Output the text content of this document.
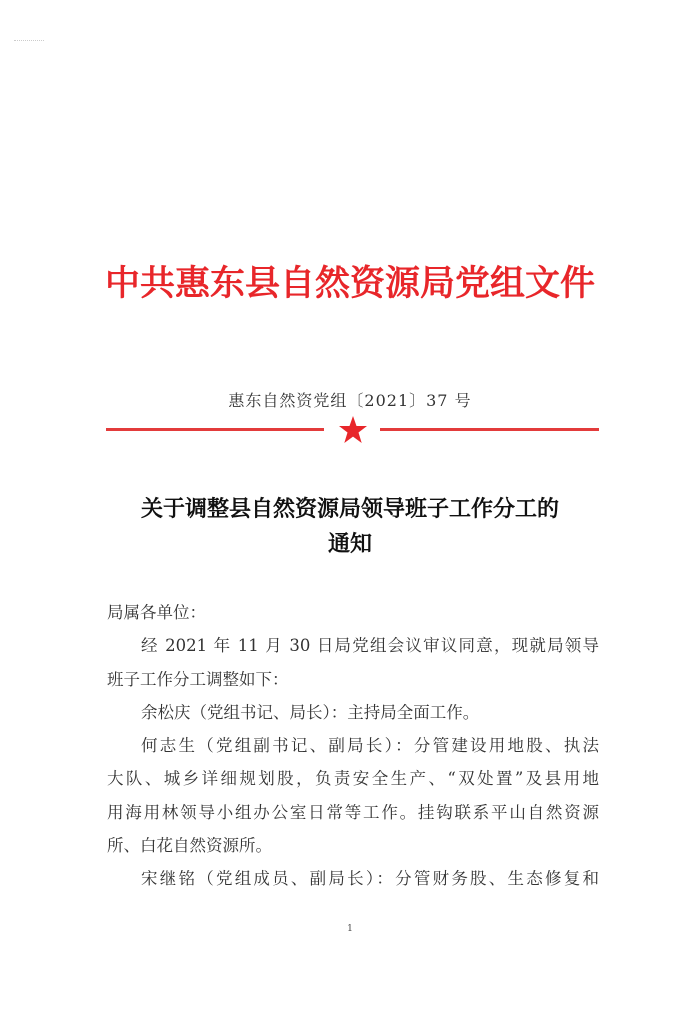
中共惠东县自然资源局党组文件
惠东自然资党组〔2021〕37 号
关于调整县自然资源局领导班子工作分工的
通知
局属各单位：
经 2021 年 11 月 30 日局党组会议审议同意，现就局领导
班子工作分工调整如下：
余松庆（党组书记、局长）：主持局全面工作。
何志生（党组副书记、副局长）：分管建设用地股、执法
大队、城乡详细规划股，负责安全生产、“双处置”及县用地
用海用林领导小组办公室日常等工作。挂钩联系平山自然资源
所、白花自然资源所。
宋继铭（党组成员、副局长）：分管财务股、生态修复和
1
